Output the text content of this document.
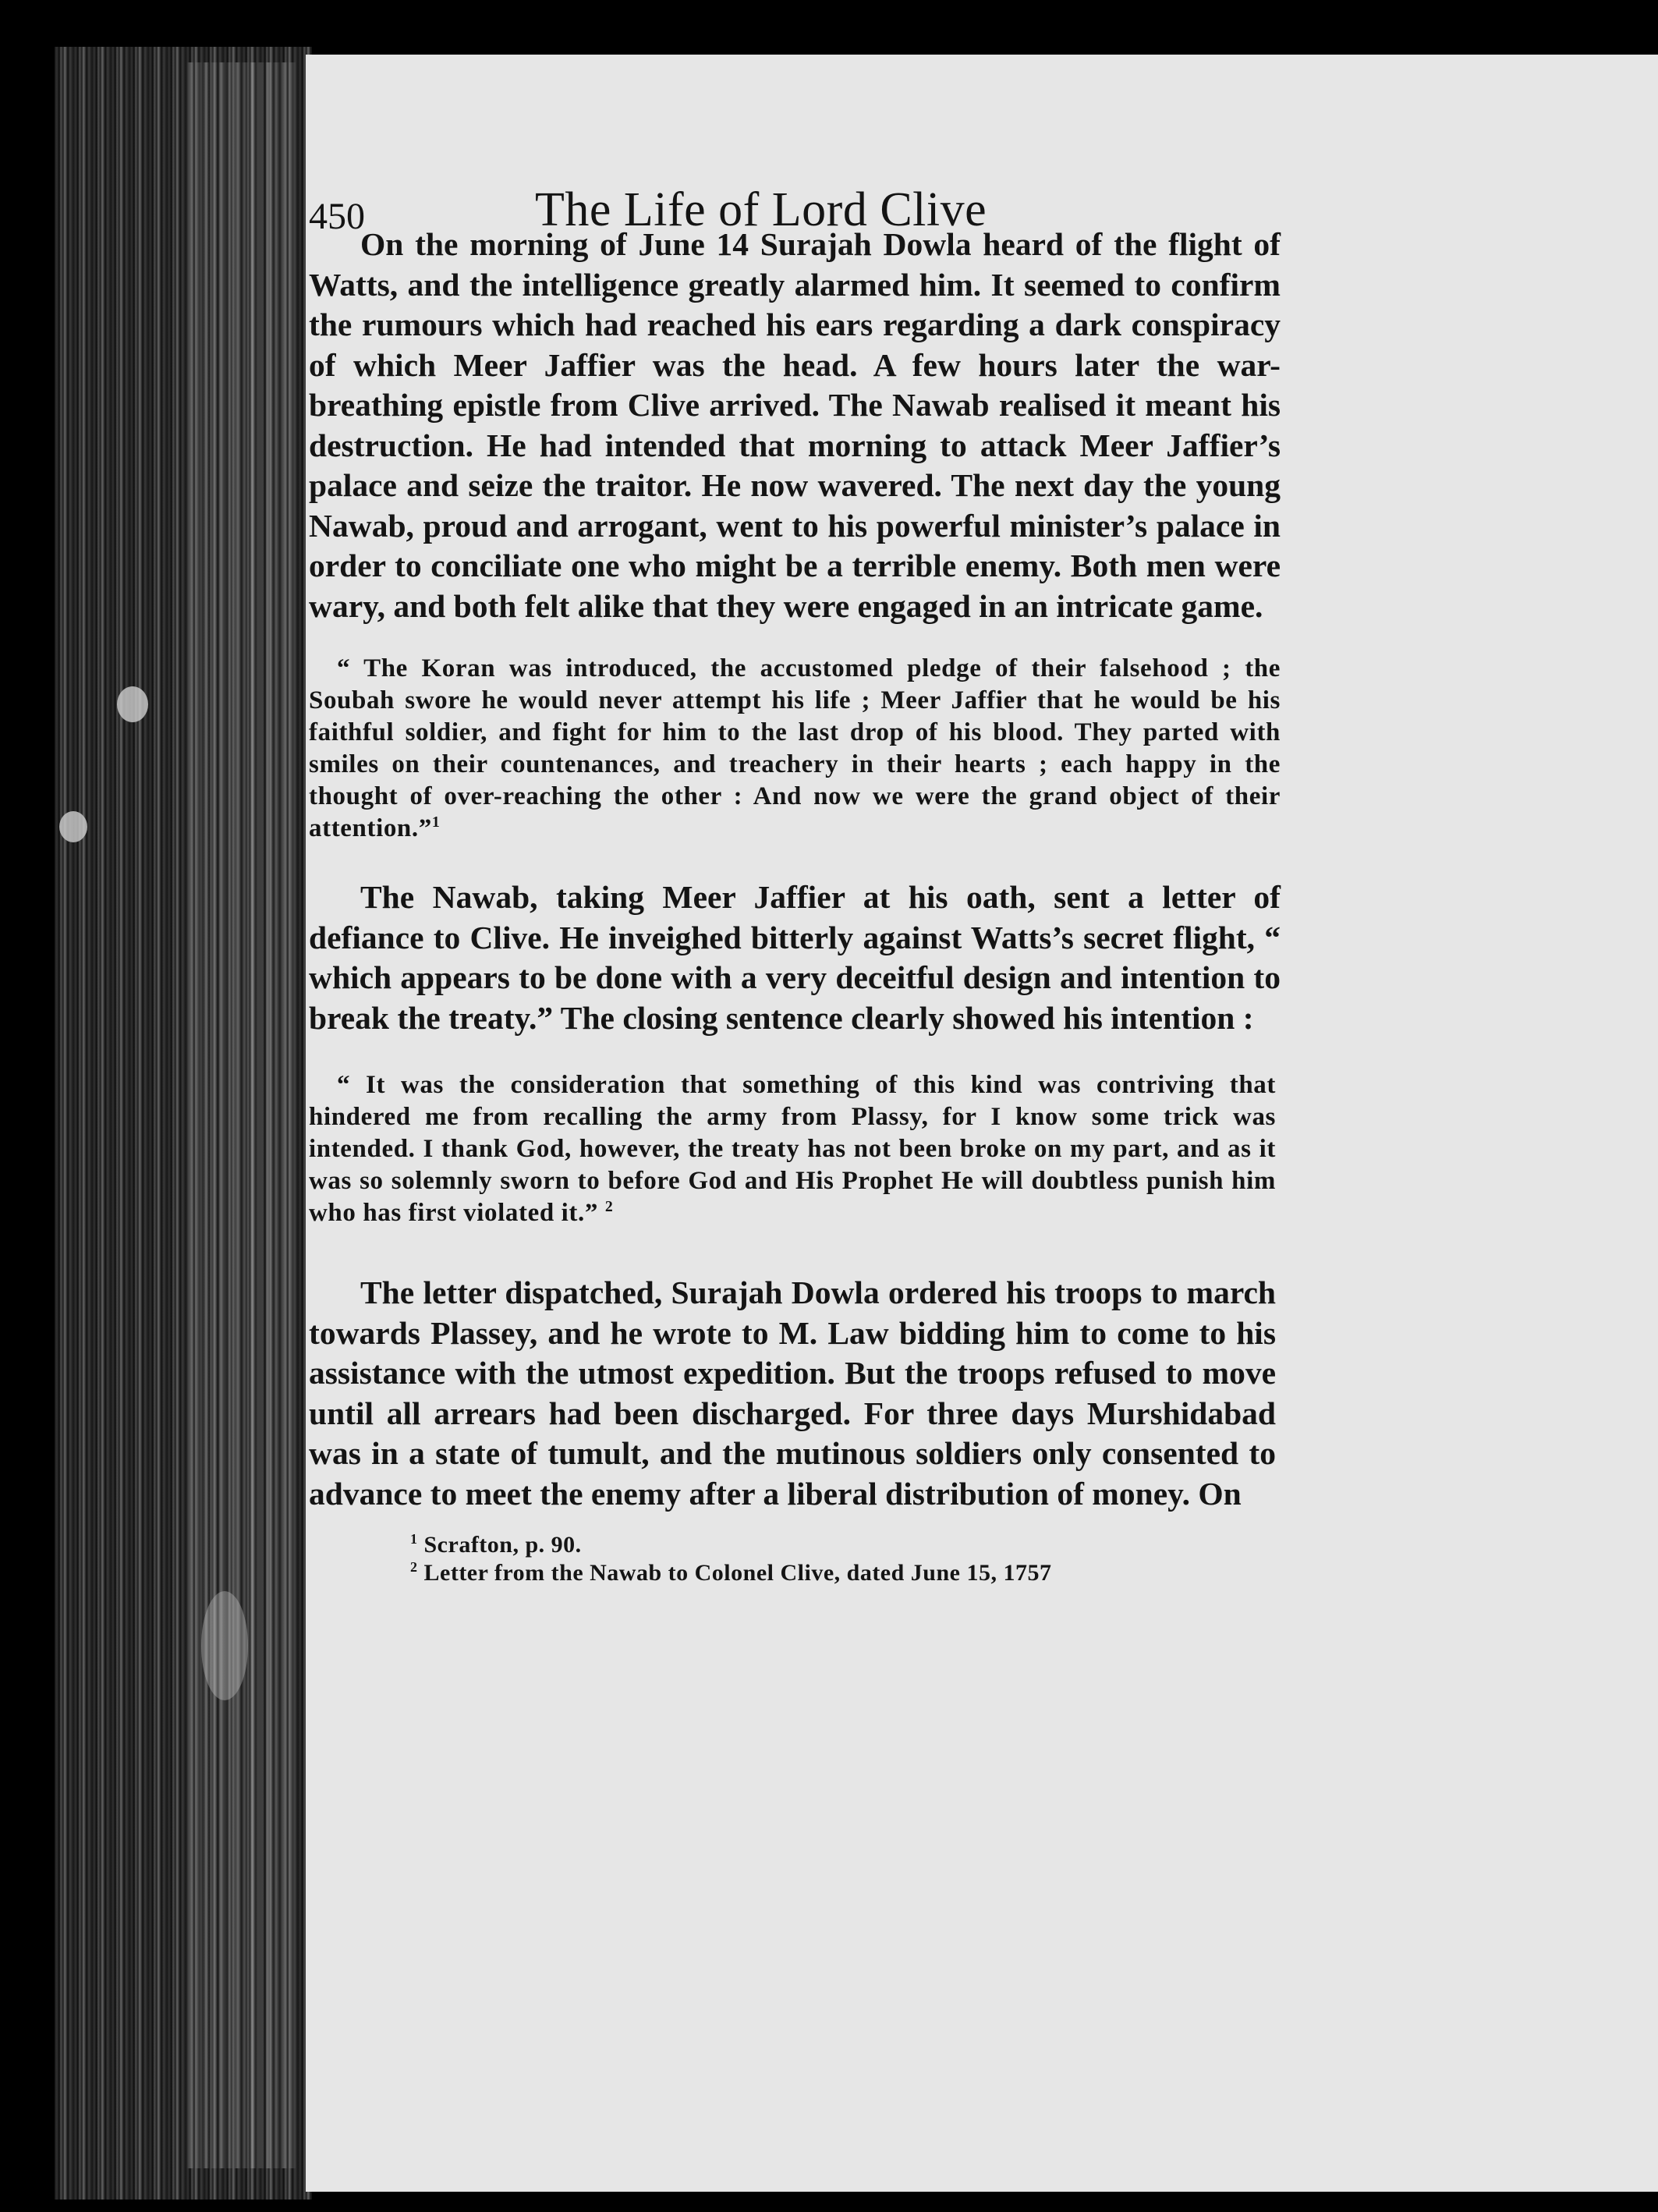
450	The Life of Lord Clive

On the morning of June 14 Surajah Dowla heard of the flight of Watts, and the intelligence greatly alarmed him. It seemed to confirm the rumours which had reached his ears regarding a dark conspiracy of which Meer Jaffier was the head. A few hours later the war-breathing epistle from Clive arrived. The Nawab realised it meant his destruction. He had intended that morning to attack Meer Jaffier’s palace and seize the traitor. He now wavered. The next day the young Nawab, proud and arrogant, went to his powerful minister’s palace in order to conciliate one who might be a terrible enemy. Both men were wary, and both felt alike that they were engaged in an intricate game.

“ The Koran was introduced, the accustomed pledge of their falsehood ; the Soubah swore he would never attempt his life ; Meer Jaffier that he would be his faithful soldier, and fight for him to the last drop of his blood. They parted with smiles on their countenances, and treachery in their hearts ; each happy in the thought of over-reaching the other : And now we were the grand object of their attention.”$^1$

The Nawab, taking Meer Jaffier at his oath, sent a letter of defiance to Clive. He inveighed bitterly against Watts’s secret flight, “ which appears to be done with a very deceitful design and intention to break the treaty.” The closing sentence clearly showed his intention :

“ It was the consideration that something of this kind was contriving that hindered me from recalling the army from Plassy, for I know some trick was intended. I thank God, however, the treaty has not been broke on my part, and as it was so solemnly sworn to before God and His Prophet He will doubtless punish him who has first violated it.” $^2$

The letter dispatched, Surajah Dowla ordered his troops to march towards Plassey, and he wrote to M. Law bidding him to come to his assistance with the utmost expedition. But the troops refused to move until all arrears had been discharged. For three days Murshidabad was in a state of tumult, and the mutinous soldiers only consented to advance to meet the enemy after a liberal distribution of money. On

$^1$ Scrafton, p. 90.

$^2$ Letter from the Nawab to Colonel Clive, dated June 15, 1757
